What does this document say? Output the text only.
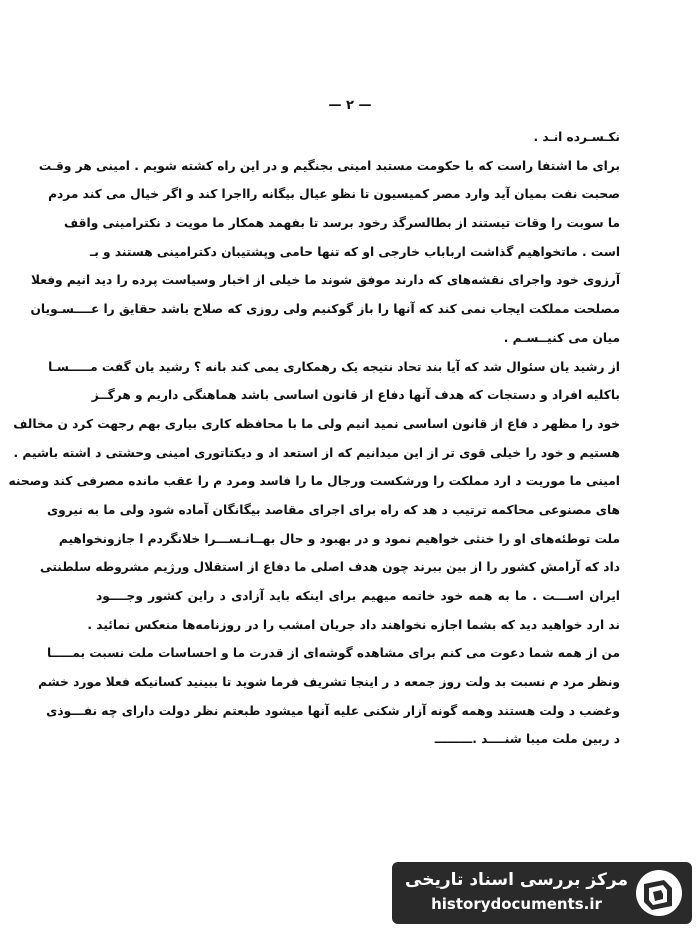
— ۲ —
نکـسـرده انـد .
برای ما اشتفا راست که با حکومت مستبد امینی بجنگیم و در این راه کشته شویم . امینی هر وقـت
صحبت نفت بمیان آید وارد مصر کمیسیون تا نظو عیال بیگانه رااجرا کند و اگر خیال می کند مردم
ما سوبت را وقات تیستند از بطالسرگذ رخود برسد تا بفهمد همکار ما مویت د نکترامینی واقف
است . ماتخواهیم گذاشت ارباباب خارجی او که تنها حامی وپشتیبان دکترامینی هستند و بـ
آرزوی خود واجرای نقشه‌های که دارند موفق شوند ما خیلی از اخبار وسیاست پرده را دید انیم وفعلا
مصلحت مملکت ایجاب نمی کند که آنها را باز گوکنیم ولی روزی که صلاح باشد حقایق را عــــسـویان
میان می کنیــسـم .
از رشید یان سئوال شد که آیا بند تحاد نتیجه یک رهمکاری یمی کند بانه ؟ رشید یان گفت مـــــسـا
باکلیه افراد و دستجات که هدف آنها دفاع از قانون اساسی باشد هماهنگی داریم و هرگــز
خود را مظهر د فاع از قانون اساسی نمید انیم ولی ما با محافظه کاری بیاری بهم رجهت کرد ن مخالف
هستیم و خود را خیلی قوی تر از این میدانیم که از استعد اد و دیکتاتوری امینی وحشتی د اشته باشیم .
امینی ما موریت د ارد مملکت را ورشکست ورجال ما را فاسد ومرد م را عقب مانده مصرفی کند وصحنه
های مصنوعی محاکمه ترتیب د هد که راه برای اجرای مقاصد بیگانگان آماده شود ولی ما به نیروی
ملت توطئه‌های او را خنثی خواهیم نمود و در بهبود و حال بهــانـســـرا خلانگردم ا جازونخواهیم
داد که آرامش کشور را از بین ببرند چون هدف اصلی ما دفاع از استقلال ورژیم مشروطه سلطنتی
ایران اســـت . ما به همه خود خاتمه میهیم برای اینکه باید آزادی د راین کشور وجــــود
ند ارد خواهید دید که بشما اجازه نخواهند داد جریان امشب را در روزنامه‌ها منعکس نمائید .
من از همه شما دعوت می کنم برای مشاهده گوشه‌ای از قدرت ما و احساسات ملت نسبت بمـــــا
ونظر مرد م نسبت بد ولت روز جمعه د ر اینجا تشریف فرما شوید تا ببینید کسانیکه فعلا مورد خشم
وغضب د ولت هستند وهمه گونه آزار شکنی علیه آنها میشود طبعتم نظر دولت دارای چه نفـــوذی
د ربین ملت میبا شنــــد .ـــــــــ
مرکز بررسی اسناد تاریخی
historydocuments.ir
